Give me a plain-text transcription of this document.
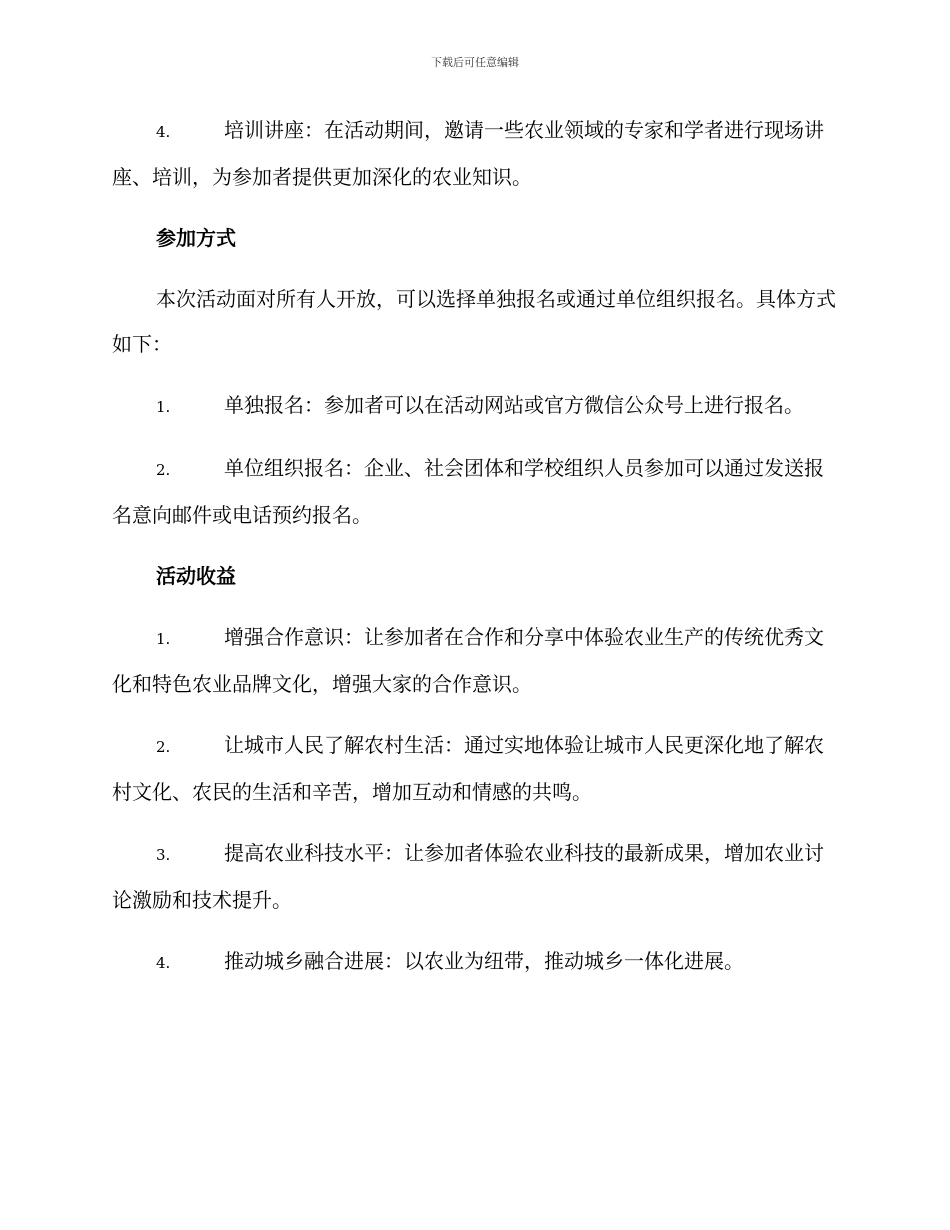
下载后可任意编辑
4.	培训讲座：在活动期间，邀请一些农业领域的专家和学者进行现场讲座、培训，为参加者提供更加深化的农业知识。
参加方式
本次活动面对所有人开放，可以选择单独报名或通过单位组织报名。具体方式如下：
1.	单独报名：参加者可以在活动网站或官方微信公众号上进行报名。
2.	单位组织报名：企业、社会团体和学校组织人员参加可以通过发送报名意向邮件或电话预约报名。
活动收益
1.	增强合作意识：让参加者在合作和分享中体验农业生产的传统优秀文化和特色农业品牌文化，增强大家的合作意识。
2.	让城市人民了解农村生活：通过实地体验让城市人民更深化地了解农村文化、农民的生活和辛苦，增加互动和情感的共鸣。
3.	提高农业科技水平：让参加者体验农业科技的最新成果，增加农业讨论激励和技术提升。
4.	推动城乡融合进展：以农业为纽带，推动城乡一体化进展。
